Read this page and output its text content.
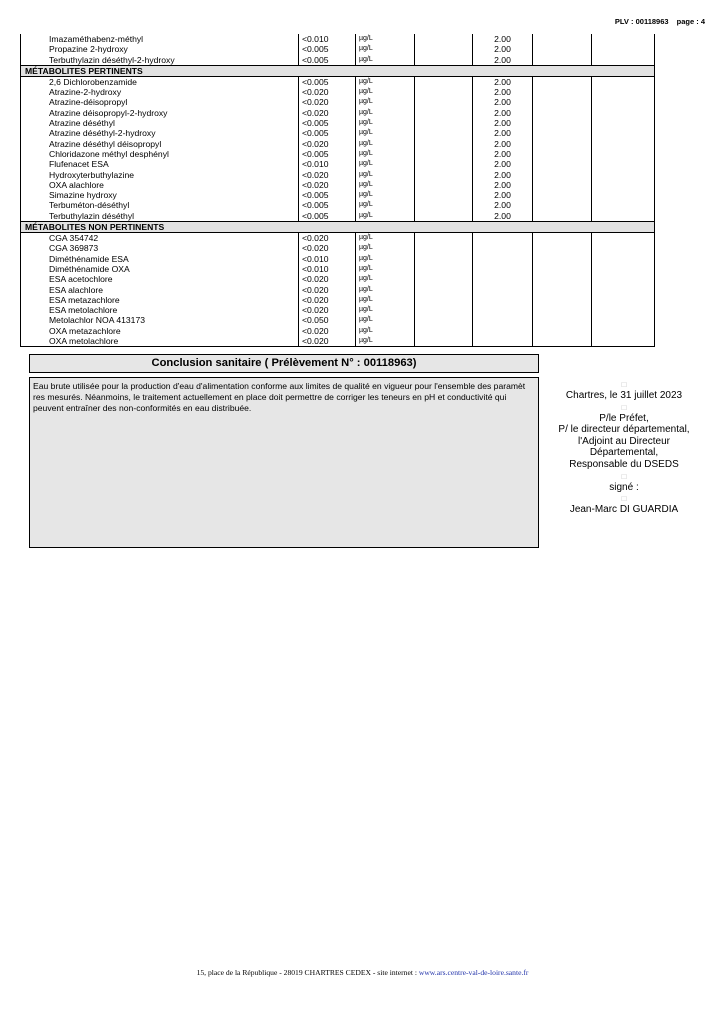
PLV : 00118963 page : 4
Imazaméthabenz-méthyl	<0.010	µg/L		2.00		
Propazine 2-hydroxy	<0.005	µg/L		2.00		
Terbuthylazin déséthyl-2-hydroxy	<0.005	µg/L		2.00		
MÉTABOLITES PERTINENTS						
2,6 Dichlorobenzamide	<0.005	µg/L		2.00		
Atrazine-2-hydroxy	<0.020	µg/L		2.00		
Atrazine-déisopropyl	<0.020	µg/L		2.00		
Atrazine déisopropyl-2-hydroxy	<0.020	µg/L		2.00		
Atrazine déséthyl	<0.005	µg/L		2.00		
Atrazine déséthyl-2-hydroxy	<0.005	µg/L		2.00		
Atrazine déséthyl déisopropyl	<0.020	µg/L		2.00		
Chloridazone méthyl desphényl	<0.005	µg/L		2.00		
Flufenacet ESA	<0.010	µg/L		2.00		
Hydroxyterbuthylazine	<0.020	µg/L		2.00		
OXA alachlore	<0.020	µg/L		2.00		
Simazine hydroxy	<0.005	µg/L		2.00		
Terbuméton-déséthyl	<0.005	µg/L		2.00		
Terbuthylazin déséthyl	<0.005	µg/L		2.00		
MÉTABOLITES NON PERTINENTS						
CGA 354742	<0.020	µg/L				
CGA 369873	<0.020	µg/L				
Diméthénamide ESA	<0.010	µg/L				
Diméthénamide OXA	<0.010	µg/L				
ESA acetochlore	<0.020	µg/L				
ESA alachlore	<0.020	µg/L				
ESA metazachlore	<0.020	µg/L				
ESA metolachlore	<0.020	µg/L				
Metolachlor NOA 413173	<0.050	µg/L				
OXA metazachlore	<0.020	µg/L				
OXA metolachlore	<0.020	µg/L				
Conclusion sanitaire ( Prélèvement N° : 00118963)
Eau brute utilisée pour la production d'eau d'alimentation conforme aux limites de qualité en vigueur pour l'ensemble des paramèt res mesurés. Néanmoins, le traitement actuellement en place doit permettre de corriger les teneurs en pH et conductivité qui peuvent entraîner des non-conformités en eau distribuée.
□
Chartres, le 31 juillet 2023
□
P/le Préfet,
P/ le directeur départemental,
l'Adjoint au Directeur
Départemental,
Responsable du DSEDS
□
signé :
□
Jean-Marc DI GUARDIA
15, place de la République - 28019 CHARTRES CEDEX - site internet : www.ars.centre-val-de-loire.sante.fr
